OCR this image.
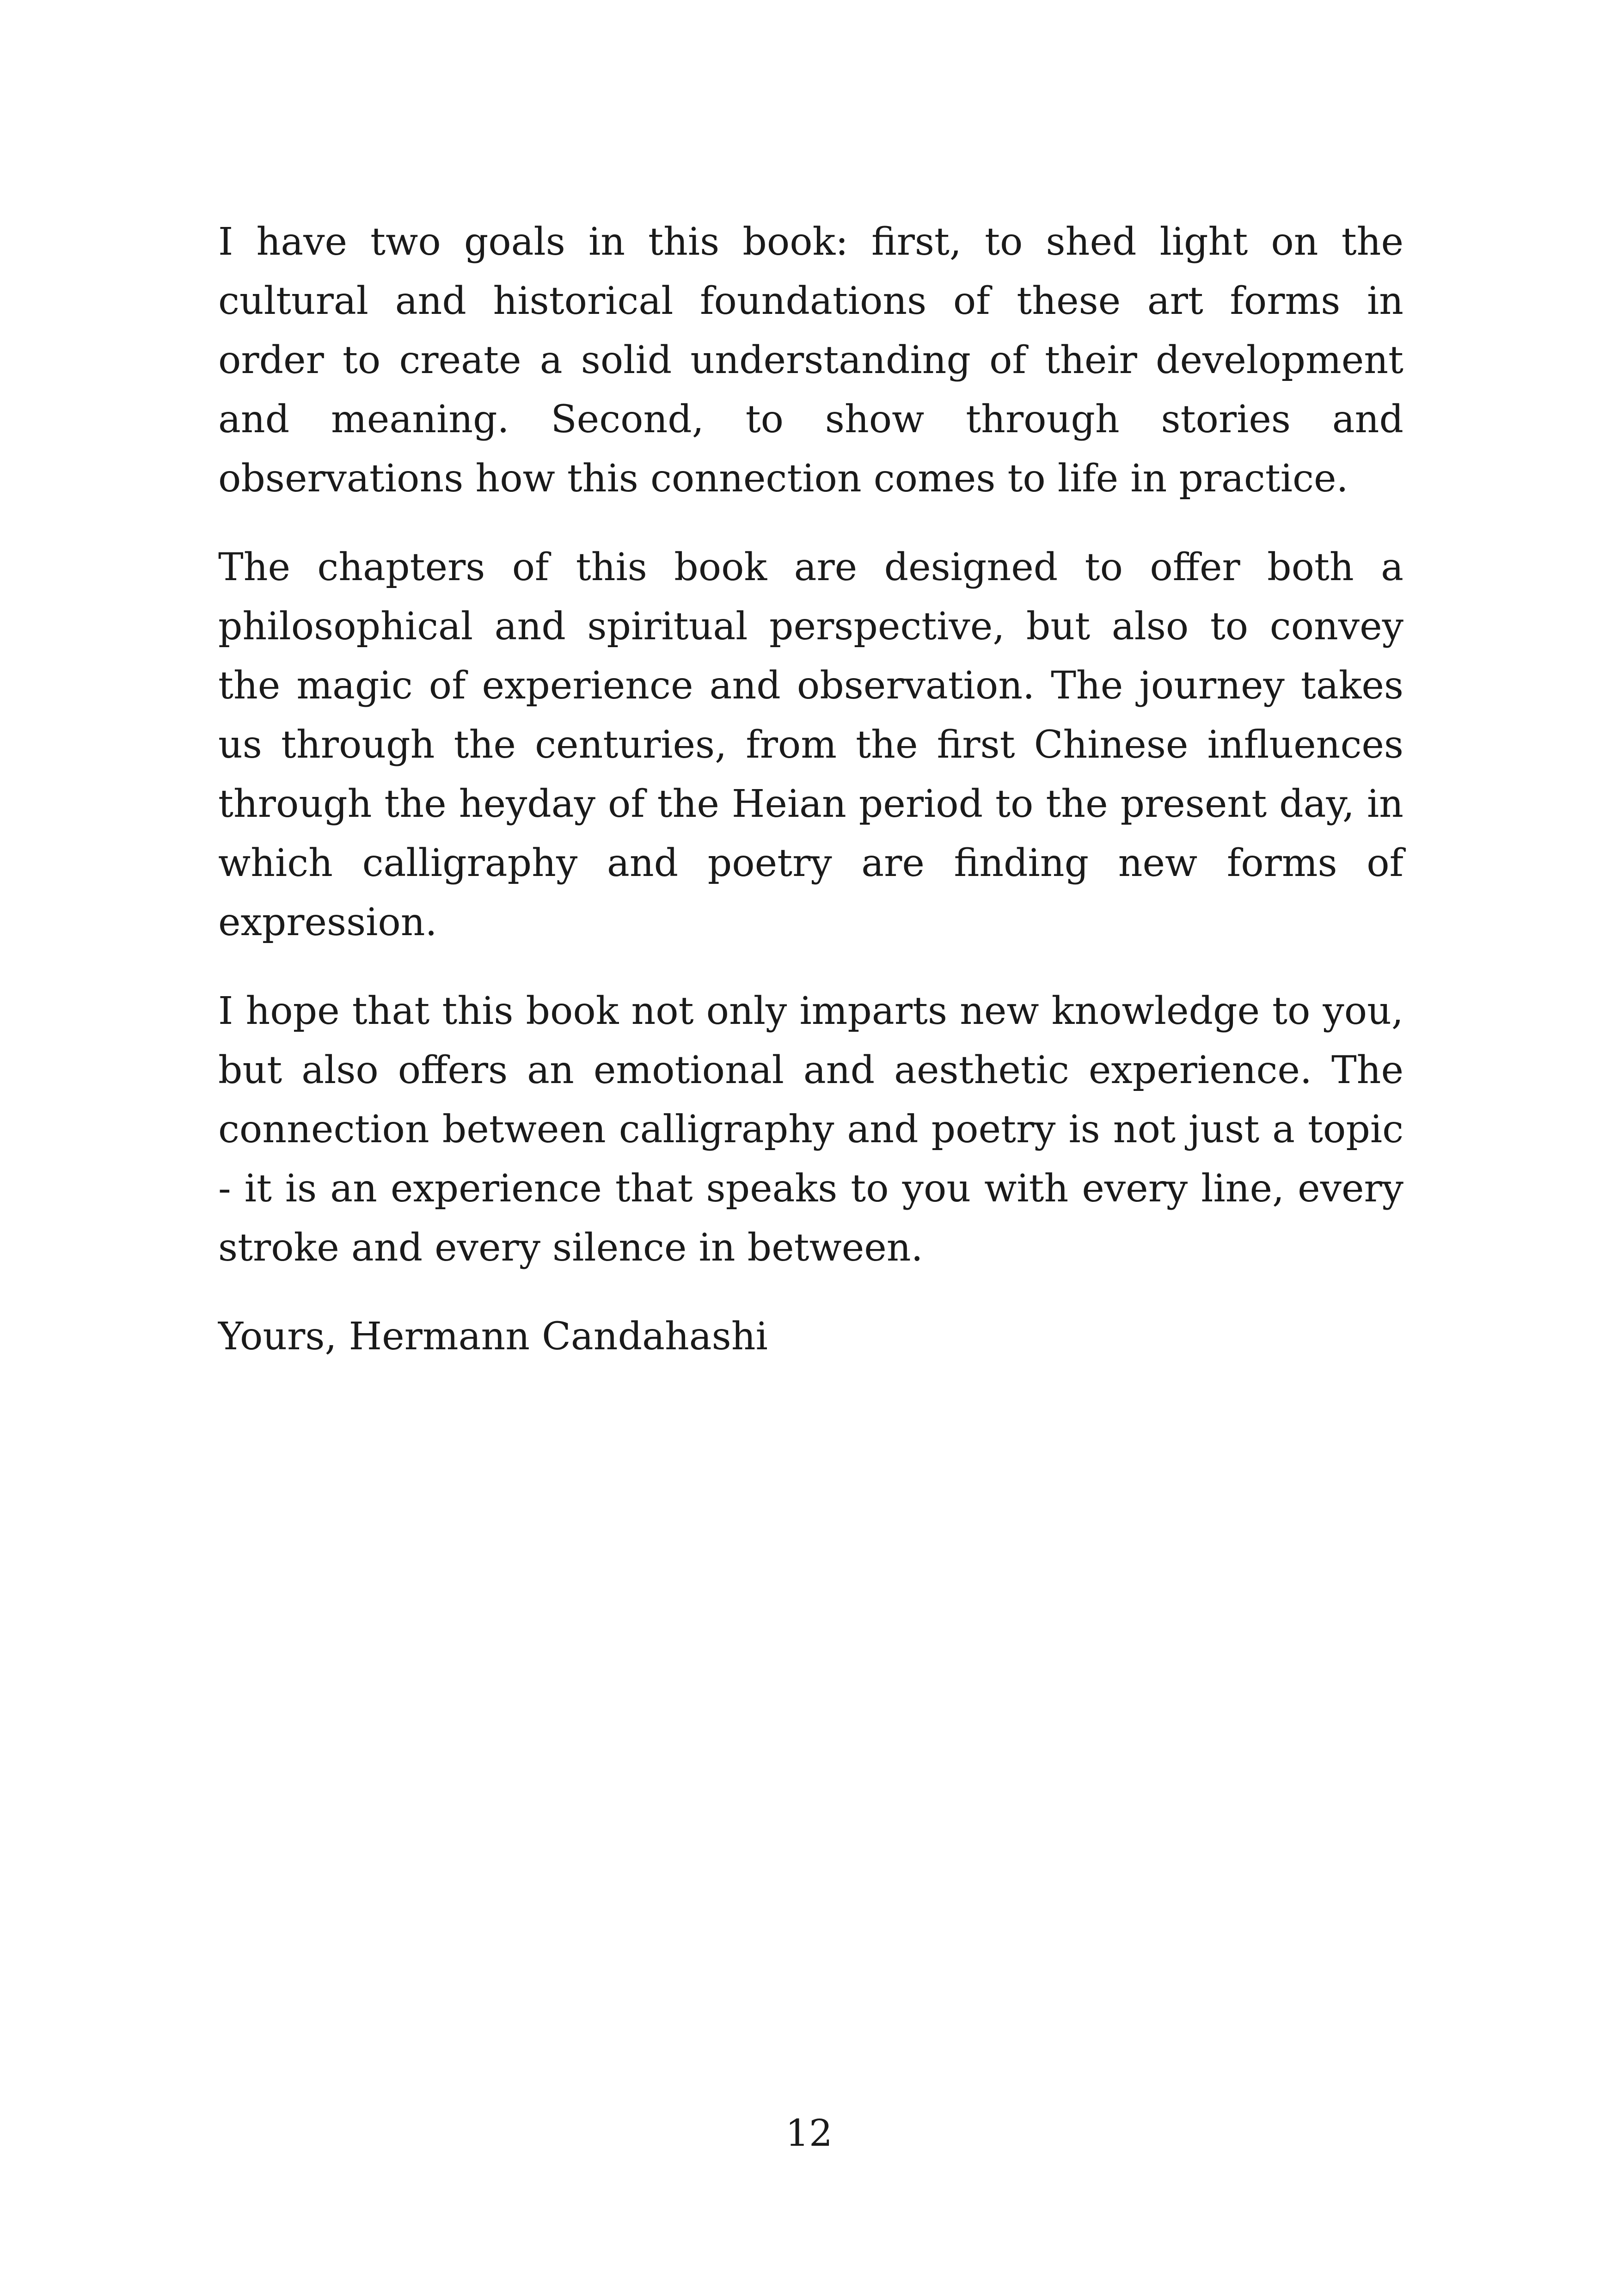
I have two goals in this book: first, to shed light on the cultural and historical foundations of these art forms in order to create a solid understanding of their development and meaning. Second, to show through stories and observations how this connection comes to life in practice.

The chapters of this book are designed to offer both a philosophical and spiritual perspective, but also to convey the magic of experience and observation. The journey takes us through the centuries, from the first Chinese influences through the heyday of the Heian period to the present day, in which calligraphy and poetry are finding new forms of expression.

I hope that this book not only imparts new knowledge to you, but also offers an emotional and aesthetic experience. The connection between calligraphy and poetry is not just a topic - it is an experience that speaks to you with every line, every stroke and every silence in between.

Yours, Hermann Candahashi

12
